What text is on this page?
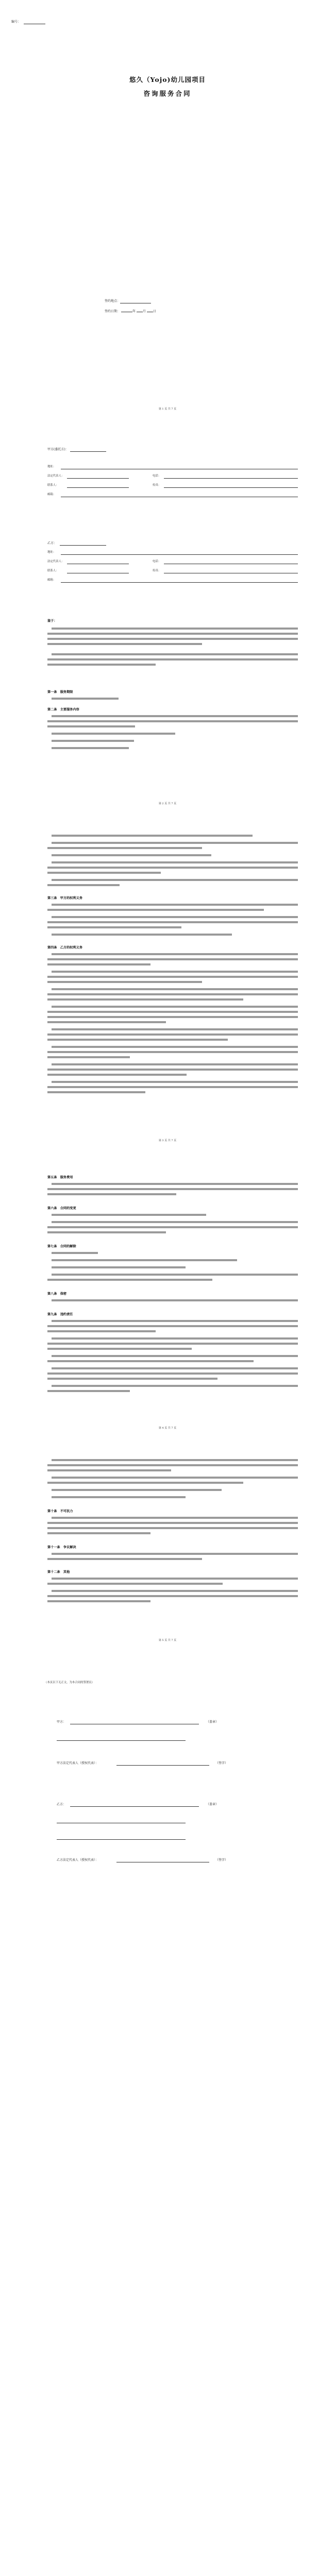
编号：
悠久（Yojo)幼儿园项目
咨询服务合同
签约地点：
签约日期：	年 月 日
第 1 页 共 7 页
甲方(委托方)：
地址：
法定代表人：	电话：
联系人：	传真：
邮箱：
乙方：
地址：
法定代表人：	电话：
联系人：	传真：
邮箱：
鉴于：
第一条　服务期限
第二条　主要服务内容
第 2 页 共 7 页
第三条　甲方的权利义务
第四条　乙方的权利义务
第 3 页 共 7 页
第五条　服务费用
第六条　合同的变更
第七条　合同的解除
第八条　保密
第九条　违约责任
第 4 页 共 7 页
第十条　不可抗力
第十一条　争议解决
第十二条　其他
第 5 页 共 7 页
（本页以下无正文，为本合同的签署页）
甲方：	（盖章）
甲方法定代表人（授权代表）：	（签字）
乙方：	（盖章）
乙方法定代表人（授权代表）：	（签字）
